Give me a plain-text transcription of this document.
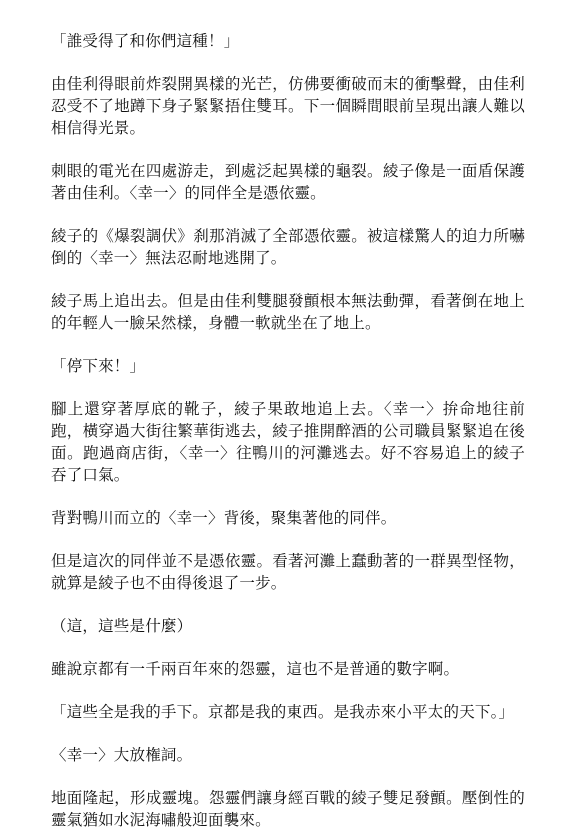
「誰受得了和你們這種！」

由佳利得眼前炸裂開異樣的光芒，仿佛要衝破而末的衝擊聲，由佳利忍受不了地蹲下身子緊緊捂住雙耳。下一個瞬間眼前呈現出讓人難以相信得光景。

刺眼的電光在四處游走，到處泛起異樣的龜裂。綾子像是一面盾保護著由佳利。〈幸一〉的同伴全是憑依靈。

綾子的《爆裂調伏》刹那消滅了全部憑依靈。被這樣驚人的迫力所嚇倒的〈幸一〉無法忍耐地逃開了。

綾子馬上追出去。但是由佳利雙腿發顫根本無法動彈，看著倒在地上的年輕人一臉呆然樣，身體一軟就坐在了地上。

「停下來！」

腳上還穿著厚底的靴子，綾子果敢地追上去。〈幸一〉拚命地往前跑，橫穿過大街往繁華街逃去，綾子推開醉酒的公司職員緊緊追在後面。跑過商店街，〈幸一〉往鴨川的河灘逃去。好不容易追上的綾子吞了口氣。

背對鴨川而立的〈幸一〉背後，聚集著他的同伴。

但是這次的同伴並不是憑依靈。看著河灘上蠢動著的一群異型怪物，就算是綾子也不由得後退了一步。

（這，這些是什麼）

雖說京都有一千兩百年來的怨靈，這也不是普通的數字啊。

「這些全是我的手下。京都是我的東西。是我赤來小平太的天下。」

〈幸一〉大放権詞。

地面隆起，形成靈塊。怨靈們讓身經百戰的綾子雙足發顫。壓倒性的靈氣猶如水泥海嘯般迎面襲來。
